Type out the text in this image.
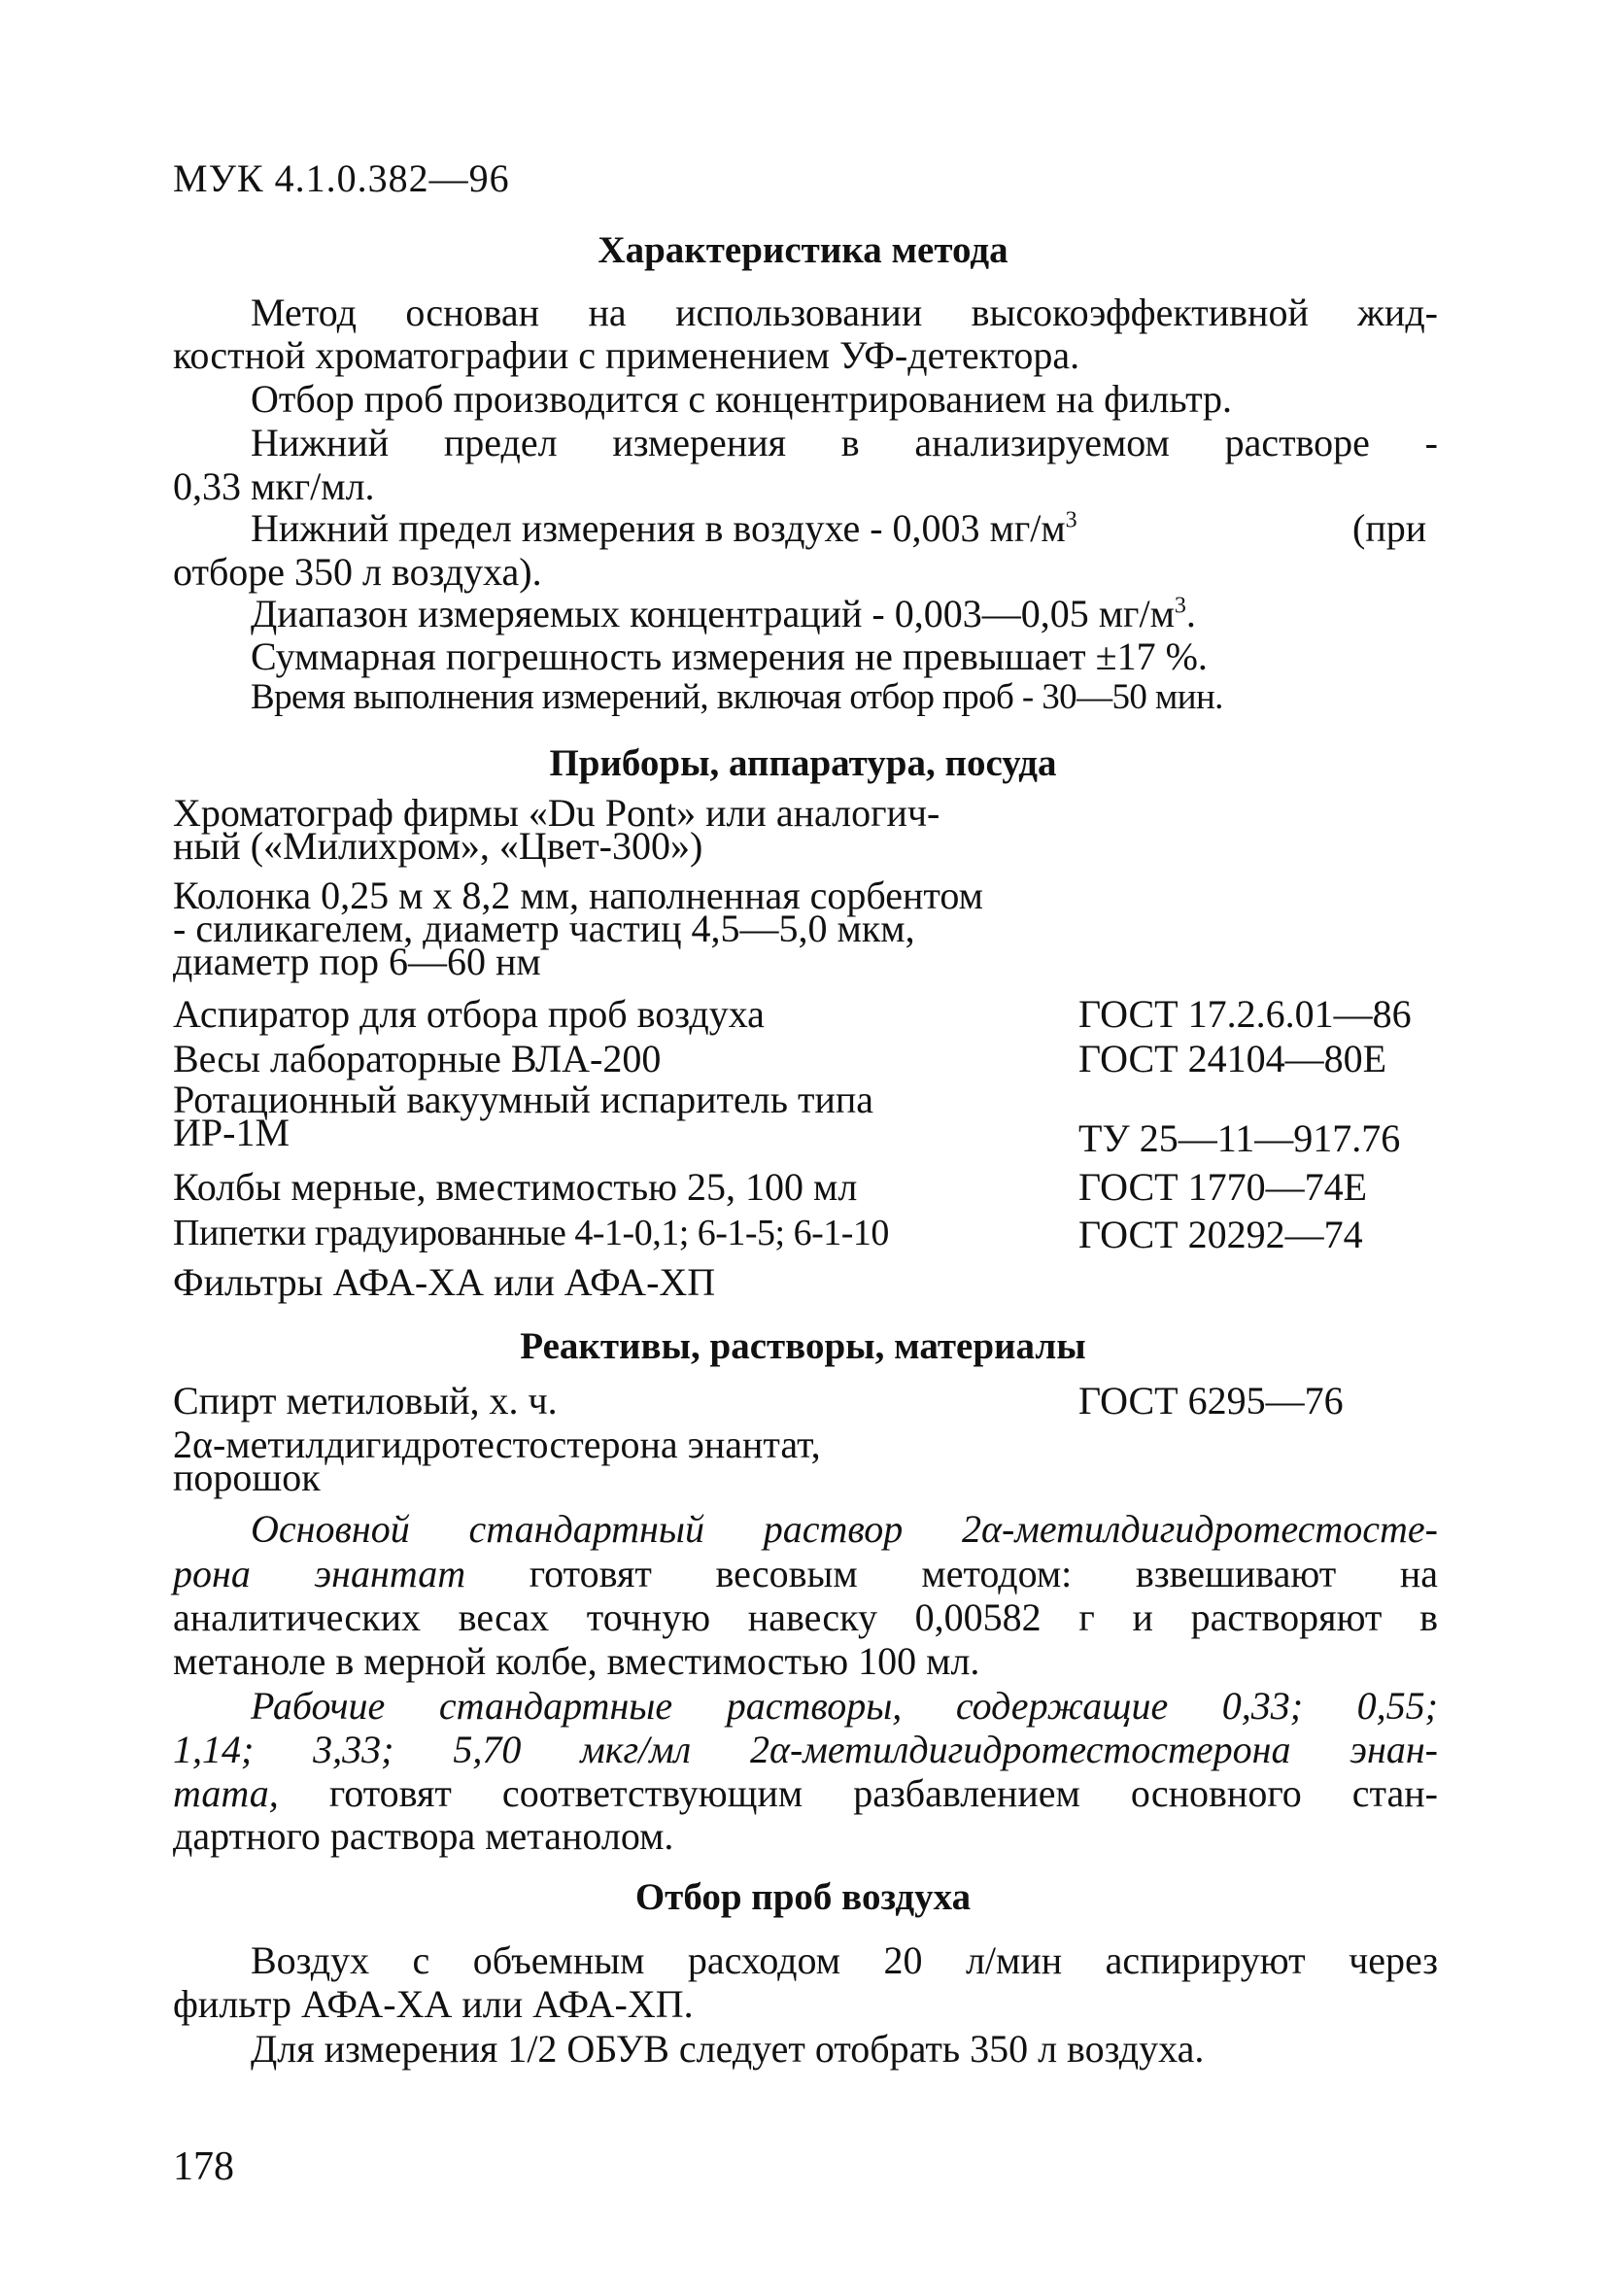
МУК 4.1.0.382—96

Характеристика метода

Метод основан на использовании высокоэффективной жид-

костной хроматографии с применением УФ-детектора.

Отбор проб производится с концентрированием на фильтр.

Нижний предел измерения в анализируемом растворе -

0,33 мкг/мл.

Нижний предел измерения в воздухе - 0,003 $мг/м^3$	(при

отборе 350 л воздуха).

Диапазон измеряемых концентраций - 0,003—0,05 $мг/м^3$.

Суммарная погрешность измерения не превышает ±17 %.

Время выполнения измерений, включая отбор проб - 30—50 мин.

Приборы, аппаратура, посуда

Хроматограф фирмы «Du Pont» или аналогич-
ный («Милихром», «Цвет-300»)
Колонка 0,25 м х 8,2 мм, наполненная сорбентом
- силикагелем, диаметр частиц 4,5—5,0 мкм,
диаметр пор 6—60 нм

Аспиратор для отбора проб воздуха	ГОСТ 17.2.6.01—86

Весы лабораторные ВЛА-200	ГОСТ 24104—80Е

Ротационный вакуумный испаритель типа
ИР-1М	ТУ 25—11—917.76

Колбы мерные, вместимостью 25, 100 мл	ГОСТ 1770—74Е

Пипетки градуированные 4-1-0,1; 6-1-5; 6-1-10	ГОСТ 20292—74

Фильтры АФА-ХА или АФА-ХП

Реактивы, растворы, материалы

Спирт метиловый, х. ч.	ГОСТ 6295—76

2α-метилдигидротестостерона энантат,
порошок

Основной стандартный раствор 2α-метилдигидротестосте-

рона энантат готовят весовым методом: взвешивают на

аналитических весах точную навеску 0,00582 г и растворяют в

метаноле в мерной колбе, вместимостью 100 мл.

Рабочие стандартные растворы, содержащие 0,33; 0,55;

1,14; 3,33; 5,70 мкг/мл 2α-метилдигидротестостерона энан-

тата, готовят соответствующим разбавлением основного стан-

дартного раствора метанолом.

Отбор проб воздуха

Воздух с объемным расходом 20 л/мин аспирируют через

фильтр АФА-ХА или АФА-ХП.

Для измерения 1/2 ОБУВ следует отобрать 350 л воздуха.

178
